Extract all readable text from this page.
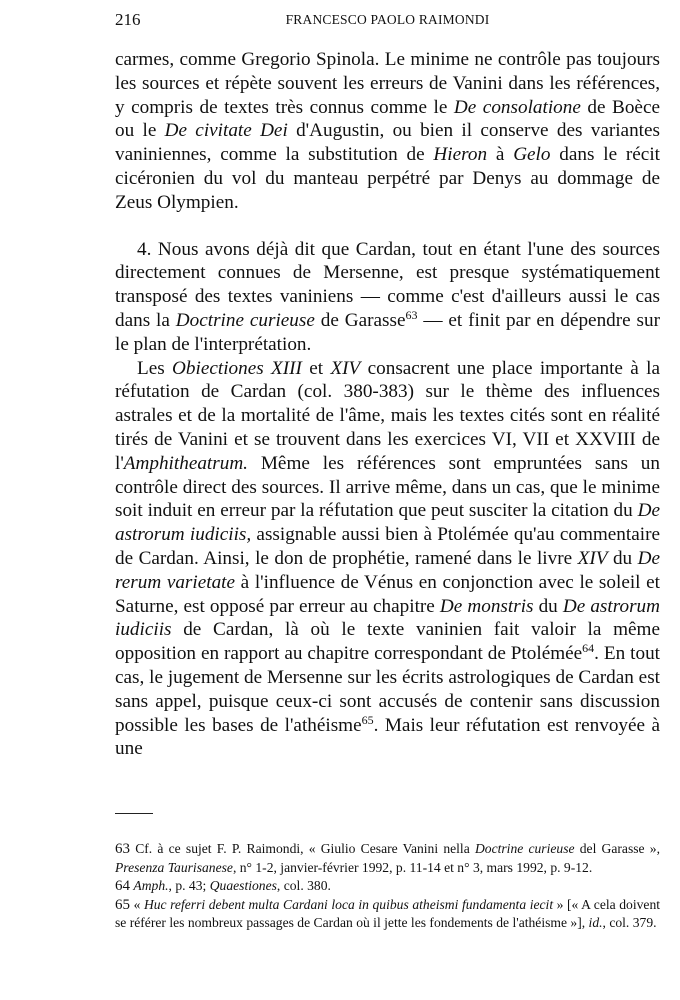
216	FRANCESCO PAOLO RAIMONDI

carmes, comme Gregorio Spinola. Le minime ne contrôle pas toujours les sources et répète souvent les erreurs de Vanini dans les références, y compris de textes très connus comme le De consolatione de Boèce ou le De civitate Dei d'Augustin, ou bien il conserve des variantes vaniniennes, comme la substitution de Hieron à Gelo dans le récit cicéronien du vol du manteau perpétré par Denys au dommage de Zeus Olympien.

4. Nous avons déjà dit que Cardan, tout en étant l'une des sources directement connues de Mersenne, est presque systématiquement transposé des textes vaniniens — comme c'est d'ailleurs aussi le cas dans la Doctrine curieuse de Garasse$^{63}$ — et finit par en dépendre sur le plan de l'interprétation.

Les Obiectiones XIII et XIV consacrent une place importante à la réfutation de Cardan (col. 380-383) sur le thème des influences astrales et de la mortalité de l'âme, mais les textes cités sont en réalité tirés de Vanini et se trouvent dans les exercices VI, VII et XXVIII de l'Amphitheatrum. Même les références sont empruntées sans un contrôle direct des sources. Il arrive même, dans un cas, que le minime soit induit en erreur par la réfutation que peut susciter la citation du De astrorum iudiciis, assignable aussi bien à Ptolémée qu'au commentaire de Cardan. Ainsi, le don de prophétie, ramené dans le livre XIV du De rerum varietate à l'influence de Vénus en conjonction avec le soleil et Saturne, est opposé par erreur au chapitre De monstris du De astrorum iudiciis de Cardan, là où le texte vaninien fait valoir la même opposition en rapport au chapitre correspondant de Ptolémée$^{64}$. En tout cas, le jugement de Mersenne sur les écrits astrologiques de Cardan est sans appel, puisque ceux-ci sont accusés de contenir sans discussion possible les bases de l'athéisme$^{65}$. Mais leur réfutation est renvoyée à une

63 Cf. à ce sujet F. P. Raimondi, « Giulio Cesare Vanini nella Doctrine curieuse del Garasse », Presenza Taurisanese, n° 1-2, janvier-février 1992, p. 11-14 et n° 3, mars 1992, p. 9-12.

64 Amph., p. 43; Quaestiones, col. 380.

65 « Huc referri debent multa Cardani loca in quibus atheismi fundamenta iecit » [« A cela doivent se référer les nombreux passages de Cardan où il jette les fondements de l'athéisme »], id., col. 379.
